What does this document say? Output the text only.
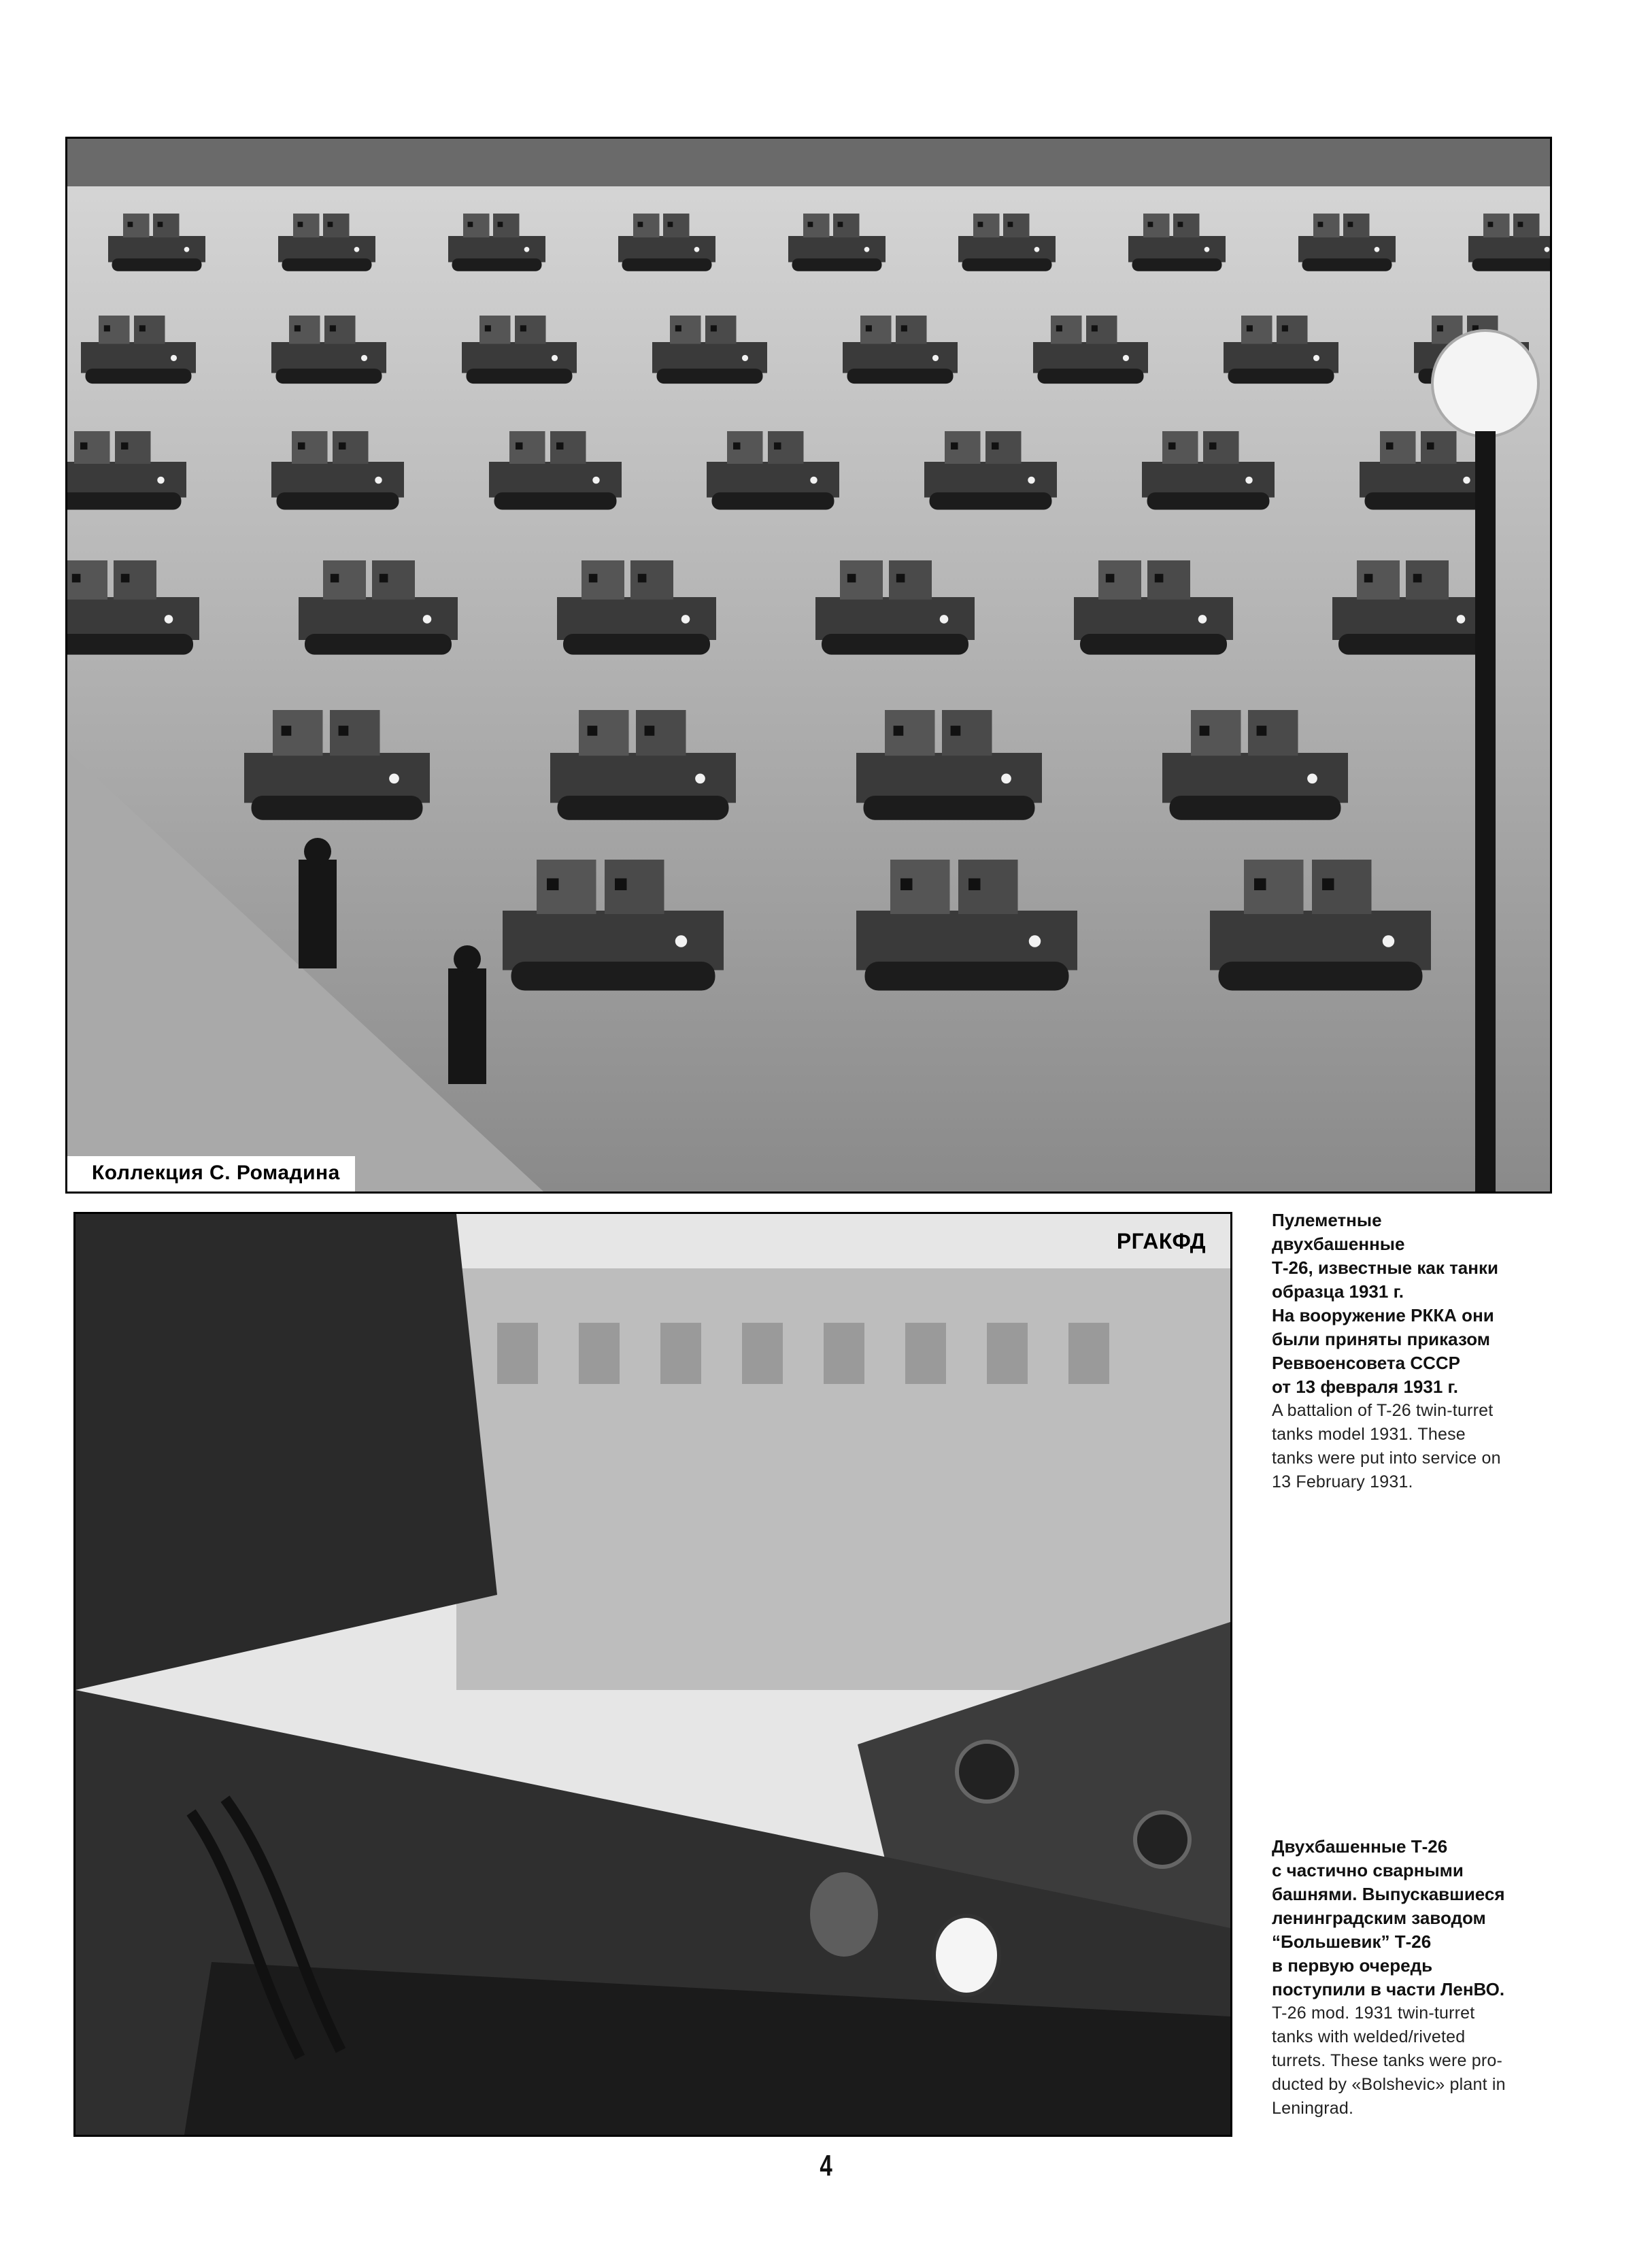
Коллекция С. Ромадина
РГАКФД

Пулеметные

двухбашенные

Т-26, известные как танки

образца 1931 г.

На вооружение РККА они

были приняты приказом

Реввоенсовета СССР

от 13 февраля 1931 г.

A battalion of T-26 twin-turret

tanks model 1931. These

tanks were put into service on

13 February 1931.

Двухбашенные Т-26

с частично сварными

башнями. Выпускавшиеся

ленинградским заводом

“Большевик” Т-26

в первую очередь

поступили в части ЛенВО.

T-26 mod. 1931 twin-turret

tanks with welded/riveted

turrets. These tanks were pro-

ducted by «Bolshevic» plant in

Leningrad.

4
